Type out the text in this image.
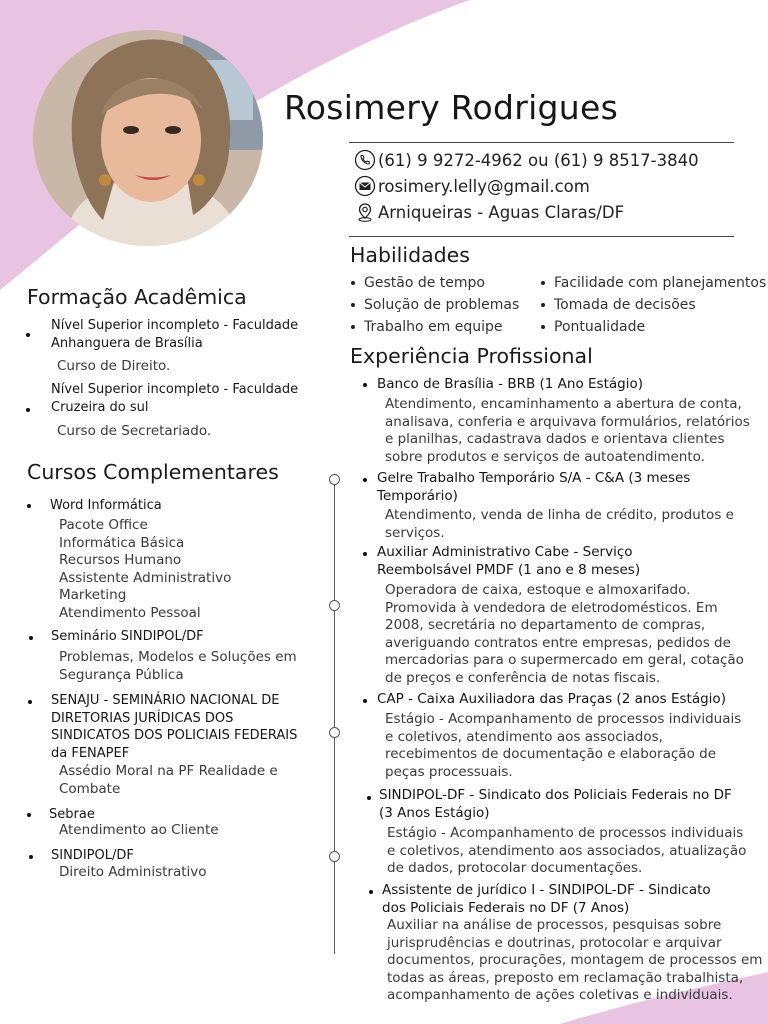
Rosimery Rodrigues
(61) 9 9272-4962 ou (61) 9 8517-3840
rosimery.lelly@gmail.com
Arniqueiras - Aguas Claras/DF
Habilidades
Gestão de tempo
Solução de problemas
Trabalho em equipe
Facilidade com planejamentos
Tomada de decisões
Pontualidade
Formação Acadêmica
Nível Superior incompleto - Faculdade
Anhanguera de Brasília
Curso de Direito.
Nível Superior incompleto - Faculdade
Cruzeira do sul
Curso de Secretariado.
Cursos Complementares
Word Informática
Pacote Office
Informática Básica
Recursos Humano
Assistente Administrativo
Marketing
Atendimento Pessoal
Seminário SINDIPOL/DF
Problemas, Modelos e Soluções em
Segurança Pública
SENAJU - SEMINÁRIO NACIONAL DE
DIRETORIAS JURÍDICAS DOS
SINDICATOS DOS POLICIAIS FEDERAIS
da FENAPEF
Assédio Moral na PF Realidade e
Combate
Sebrae
Atendimento ao Cliente
SINDIPOL/DF
Direito Administrativo
Experiência Profissional
Banco de Brasília - BRB (1 Ano Estágio)
Atendimento, encaminhamento a abertura de conta,
analisava, conferia e arquivava formulários, relatórios
e planilhas, cadastrava dados e orientava clientes
sobre produtos e serviços de autoatendimento.
Gelre Trabalho Temporário S/A - C&A (3 meses
Temporário)
Atendimento, venda de linha de crédito, produtos e
serviços.
Auxiliar Administrativo Cabe - Serviço
Reembolsável PMDF (1 ano e 8 meses)
Operadora de caixa, estoque e almoxarifado.
Promovida à vendedora de eletrodomésticos. Em
2008, secretária no departamento de compras,
averiguando contratos entre empresas, pedidos de
mercadorias para o supermercado em geral, cotação
de preços e conferência de notas fiscais.
CAP - Caixa Auxiliadora das Praças (2 anos Estágio)
Estágio - Acompanhamento de processos individuais
e coletivos, atendimento aos associados,
recebimentos de documentação e elaboração de
peças processuais.
SINDIPOL-DF - Sindicato dos Policiais Federais no DF
(3 Anos Estágio)
Estágio - Acompanhamento de processos individuais
e coletivos, atendimento aos associados, atualização
de dados, protocolar documentações.
Assistente de jurídico I - SINDIPOL-DF - Sindicato
dos Policiais Federais no DF (7 Anos)
Auxiliar na análise de processos, pesquisas sobre
jurisprudências e doutrinas, protocolar e arquivar
documentos, procurações, montagem de processos em
todas as áreas, preposto em reclamação trabalhista,
acompanhamento de ações coletivas e individuais.
